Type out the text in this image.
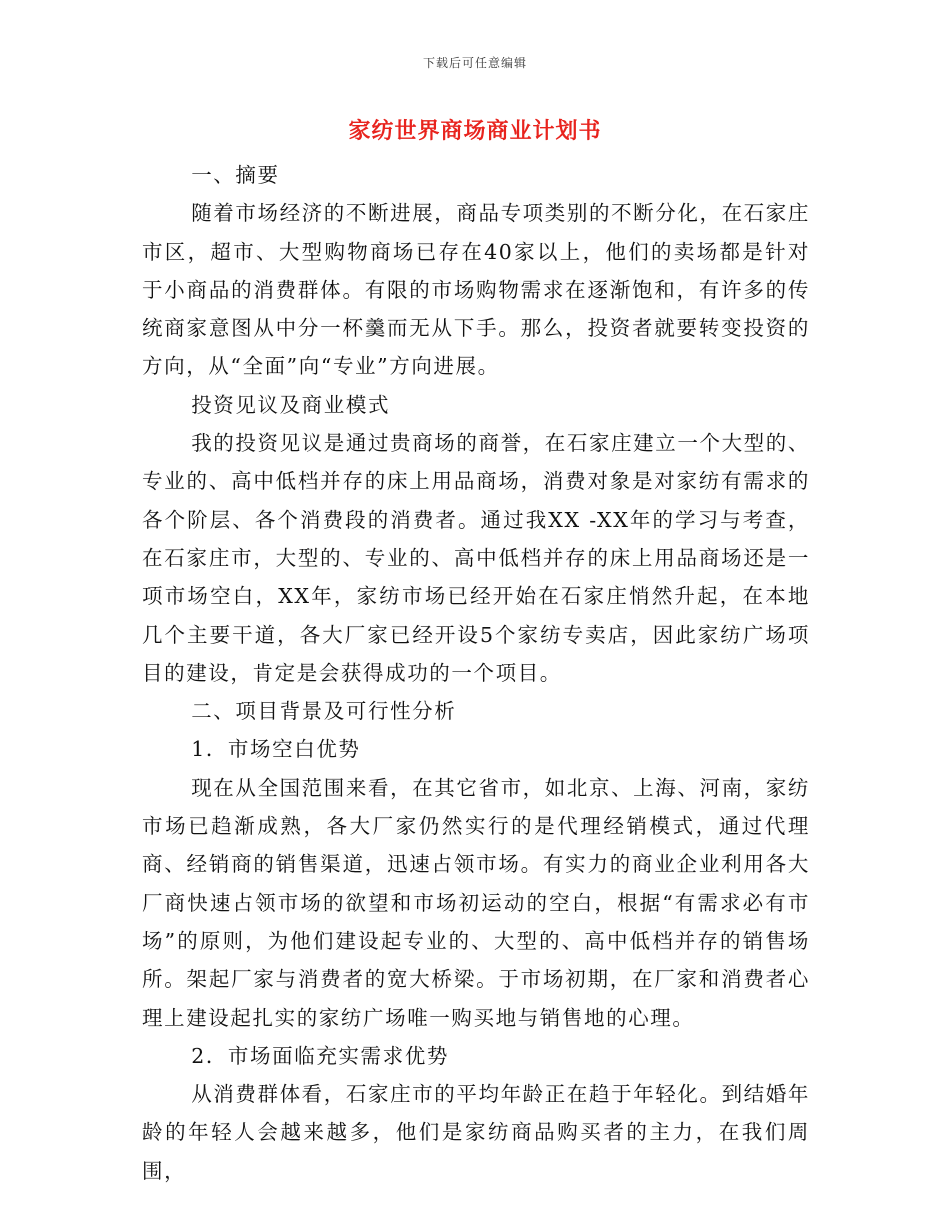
下载后可任意编辑
家纺世界商场商业计划书

一、摘要

随着市场经济的不断进展，商品专项类别的不断分化，在石家庄市区，超市、大型购物商场已存在40家以上，他们的卖场都是针对于小商品的消费群体。有限的市场购物需求在逐渐饱和，有许多的传统商家意图从中分一杯羹而无从下手。那么，投资者就要转变投资的方向，从“全面”向“专业”方向进展。

投资见议及商业模式

我的投资见议是通过贵商场的商誉，在石家庄建立一个大型的、专业的、高中低档并存的床上用品商场，消费对象是对家纺有需求的各个阶层、各个消费段的消费者。通过我XX -XX年的学习与考查，在石家庄市，大型的、专业的、高中低档并存的床上用品商场还是一项市场空白，XX年，家纺市场已经开始在石家庄悄然升起，在本地几个主要干道，各大厂家已经开设5个家纺专卖店，因此家纺广场项目的建设，肯定是会获得成功的一个项目。

二、项目背景及可行性分析

1．市场空白优势

现在从全国范围来看，在其它省市，如北京、上海、河南，家纺市场已趋渐成熟，各大厂家仍然实行的是代理经销模式，通过代理商、经销商的销售渠道，迅速占领市场。有实力的商业企业利用各大厂商快速占领市场的欲望和市场初运动的空白，根据“有需求必有市场”的原则，为他们建设起专业的、大型的、高中低档并存的销售场所。架起厂家与消费者的宽大桥梁。于市场初期，在厂家和消费者心理上建设起扎实的家纺广场唯一购买地与销售地的心理。

2．市场面临充实需求优势

从消费群体看，石家庄市的平均年龄正在趋于年轻化。到结婚年龄的年轻人会越来越多，他们是家纺商品购买者的主力，在我们周围，
